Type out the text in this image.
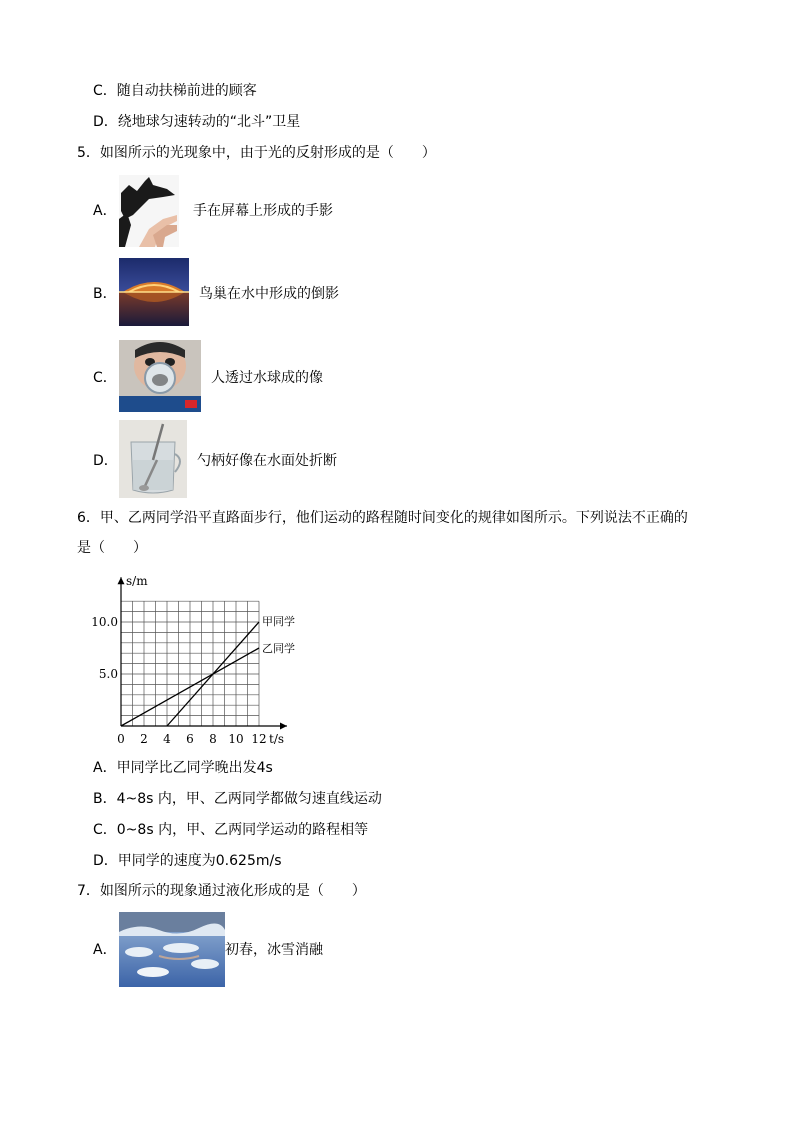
C．随自动扶梯前进的顾客
D．绕地球匀速转动的“北斗”卫星
5．如图所示的光现象中，由于光的反射形成的是（　　）
A．	手在屏幕上形成的手影
B．	鸟巢在水中形成的倒影
C．	人透过水球成的像
D．	勺柄好像在水面处折断
6．甲、乙两同学沿平直路面步行，他们运动的路程随时间变化的规律如图所示。下列说法不正确的
是（　　）
0 2 4 6 8 10 12
5.0
10.0
t/s
s/m
甲同学
乙同学
A．甲同学比乙同学晚出发4s
B．4~8s 内，甲、乙两同学都做匀速直线运动
C．0~8s 内，甲、乙两同学运动的路程相等
D．甲同学的速度为0.625m/s
7．如图所示的现象通过液化形成的是（　　）
A．	初春，冰雪消融
